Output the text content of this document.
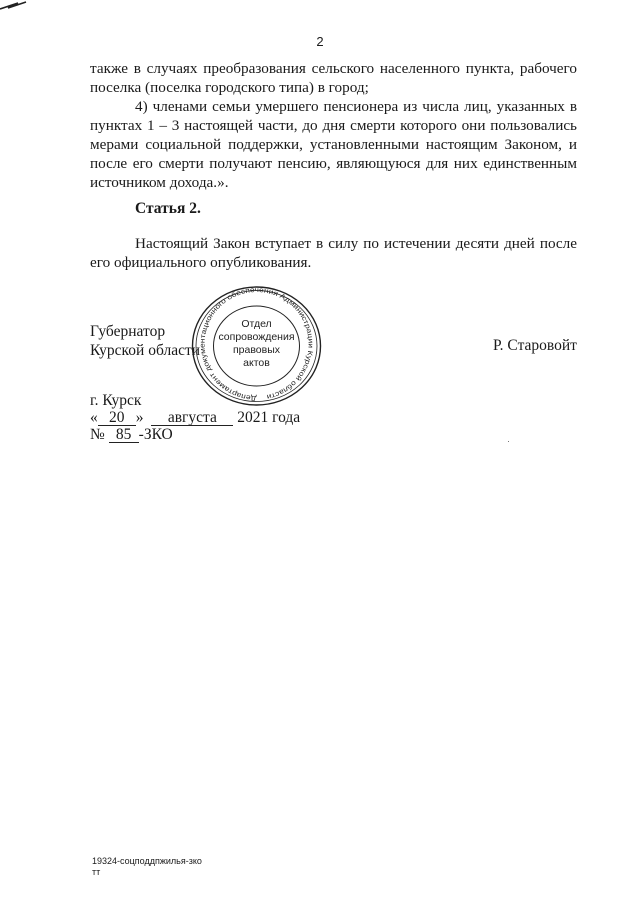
2

также в случаях преобразования сельского населенного пункта, рабочего поселка (поселка городского типа) в город;

4) членами семьи умершего пенсионера из числа лиц, указанных в пунктах 1 – 3 настоящей части, до дня смерти которого они пользовались мерами социальной поддержки, установленными настоящим Законом, и после его смерти получают пенсию, являющуюся для них единственным источником дохода.».

Статья 2.

Настоящий Закон вступает в силу по истечении десяти дней после его официального опубликования.

Губернатор
Курской области
Департамент документационного обеспечения Администрации Курской области
Отдел
сопровождения
правовых
актов
Р. Старовойт
г. Курск
« 20 » августа 2021 года
№ 85 -ЗКО
19324-соцподдпжилья-зко
тт
